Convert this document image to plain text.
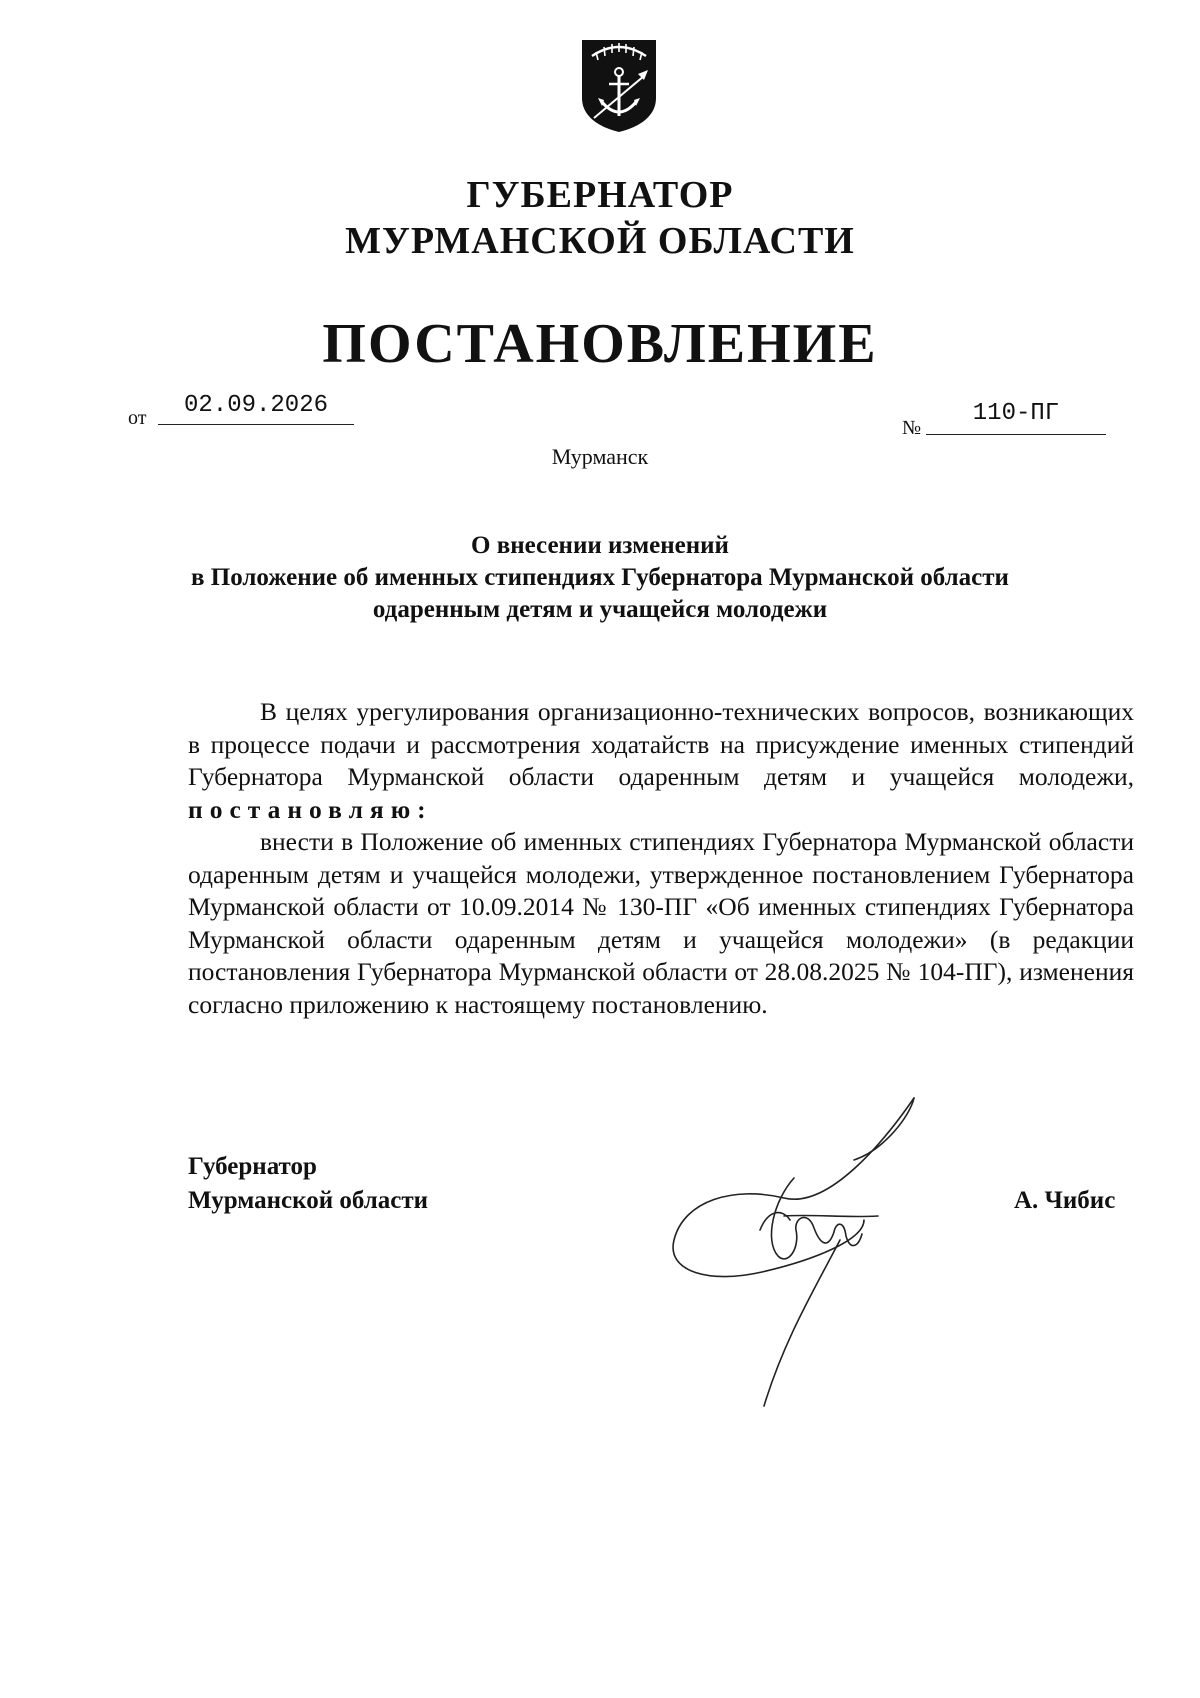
ГУБЕРНАТОР
МУРМАНСКОЙ ОБЛАСТИ
ПОСТАНОВЛЕНИЕ
от	02.09.2026
№
110-ПГ
Мурманск
О внесении изменений
в Положение об именных стипендиях Губернатора Мурманской области
одаренным детям и учащейся молодежи

В целях урегулирования организационно-технических вопросов, возникающих в процессе подачи и рассмотрения ходатайств на присуждение именных стипендий Губернатора Мурманской области одаренным детям и учащейся молодежи, постановляю:

внести в Положение об именных стипендиях Губернатора Мурманской области одаренным детям и учащейся молодежи, утвержденное постановлением Губернатора Мурманской области от 10.09.2014 № 130-ПГ «Об именных стипендиях Губернатора Мурманской области одаренным детям и учащейся молодежи» (в редакции постановления Губернатора Мурманской области от 28.08.2025 № 104-ПГ), изменения согласно приложению к настоящему постановлению.

Губернатор
Мурманской области	А. Чибис
